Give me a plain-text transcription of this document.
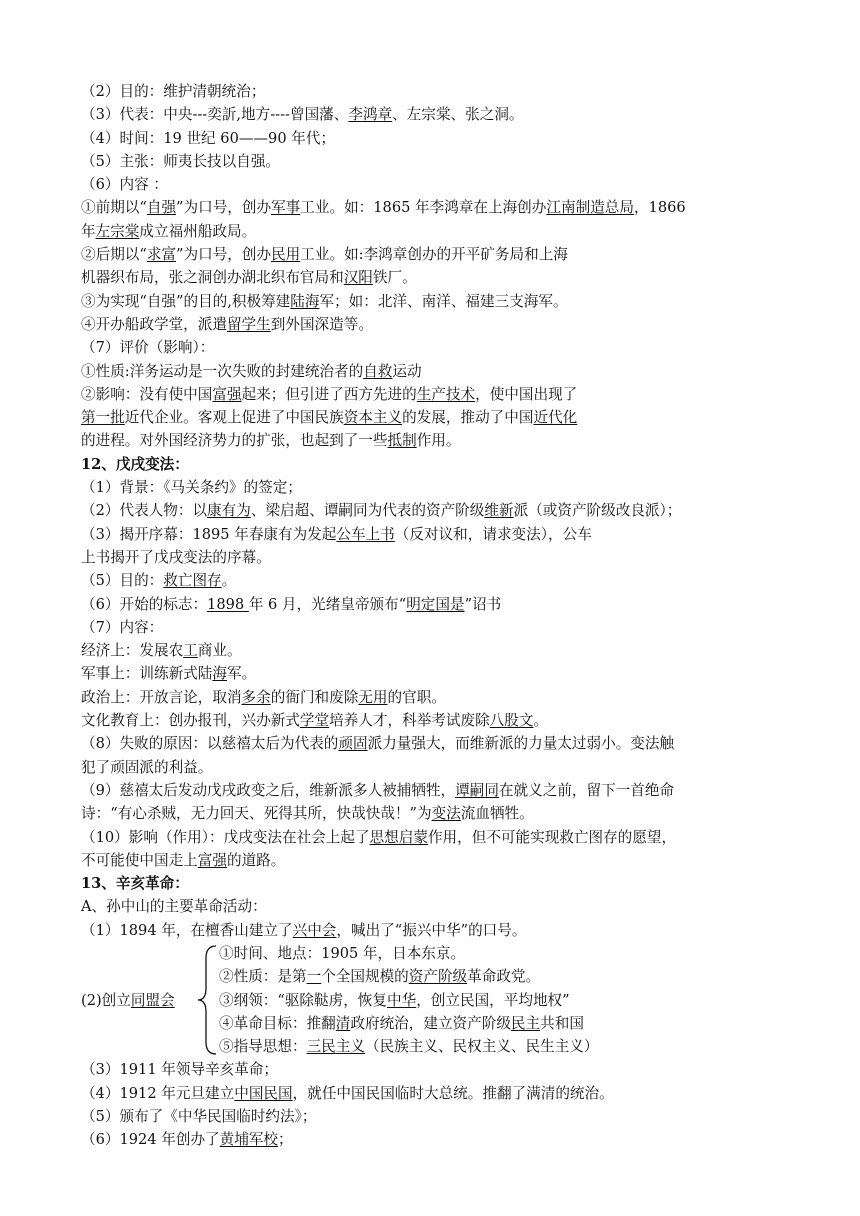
（2）目的：维护清朝统治；
（3）代表：中央---奕訢,地方----曾国藩、李鸿章、左宗棠、张之洞。
（4）时间：19 世纪 60——90 年代；
（5）主张：师夷长技以自强。
（6）内容 ：
①前期以“自强”为口号，创办军事工业。如：1865 年李鸿章在上海创办江南制造总局，1866
年左宗棠成立福州船政局。
②后期以“求富”为口号，创办民用工业。如:李鸿章创办的开平矿务局和上海
机器织布局，张之洞创办湖北织布官局和汉阳铁厂。
③为实现“自强”的目的,积极筹建陆海军；如：北洋、南洋、福建三支海军。
④开办船政学堂，派遣留学生到外国深造等。
（7）评价（影响）：
①性质:洋务运动是一次失败的封建统治者的自救运动
②影响：没有使中国富强起来；但引进了西方先进的生产技术，使中国出现了
第一批近代企业。客观上促进了中国民族资本主义的发展，推动了中国近代化
的进程。对外国经济势力的扩张，也起到了一些抵制作用。
12、戊戌变法：
（1）背景：《马关条约》的签定；
（2）代表人物：以康有为、梁启超、谭嗣同为代表的资产阶级维新派（或资产阶级改良派）；
（3）揭开序幕：1895 年春康有为发起公车上书（反对议和，请求变法），公车
上书揭开了戊戌变法的序幕。
（5）目的：救亡图存。
（6）开始的标志：1898 年 6 月，光绪皇帝颁布“明定国是”诏书
（7）内容：
经济上：发展农工商业。
军事上：训练新式陆海军。
政治上：开放言论，取消多余的衙门和废除无用的官职。
文化教育上：创办报刊，兴办新式学堂培养人才，科举考试废除八股文。
（8）失败的原因：以慈禧太后为代表的顽固派力量强大，而维新派的力量太过弱小。变法触
犯了顽固派的利益。
（9）慈禧太后发动戊戌政变之后，维新派多人被捕牺牲，谭嗣同在就义之前，留下一首绝命
诗：“有心杀贼，无力回天、死得其所，快哉快哉！”为变法流血牺牲。
（10）影响（作用）：戊戌变法在社会上起了思想启蒙作用，但不可能实现救亡图存的愿望，
不可能使中国走上富强的道路。
13、辛亥革命：
A、孙中山的主要革命活动：
（1）1894 年，在檀香山建立了兴中会，喊出了“振兴中华”的口号。
(2)创立同盟会
①时间、地点：1905 年，日本东京。
②性质：是第一个全国规模的资产阶级革命政党。
③纲领：“驱除鞑虏，恢复中华，创立民国，平均地权”
④革命目标：推翻清政府统治，建立资产阶级民主共和国
⑤指导思想：三民主义（民族主义、民权主义、民生主义）
（3）1911 年领导辛亥革命；
（4）1912 年元旦建立中国民国，就任中国民国临时大总统。推翻了满清的统治。
（5）颁布了《中华民国临时约法》；
（6）1924 年创办了黄埔军校；
